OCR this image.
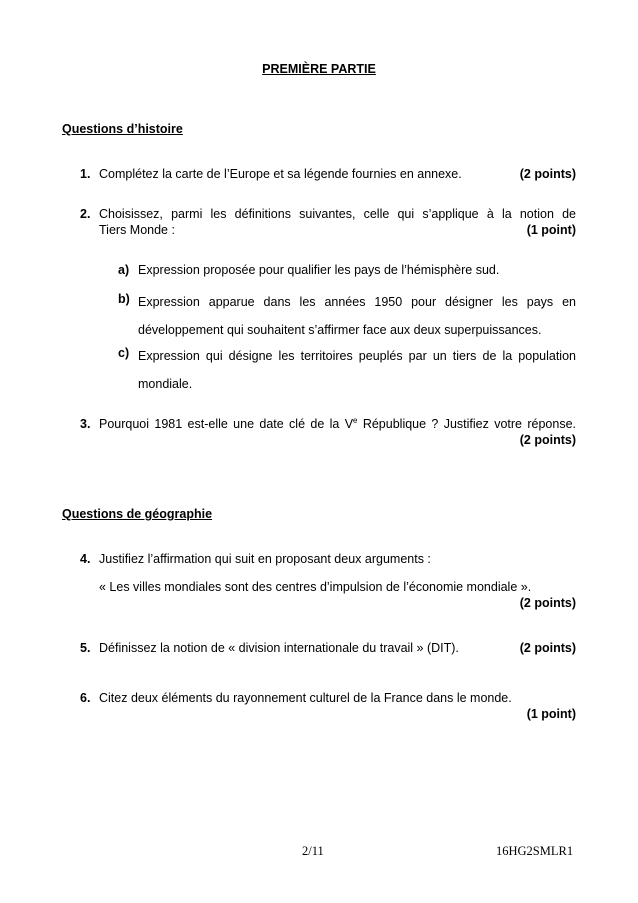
PREMIÈRE PARTIE
Questions d’histoire
1. Complétez la carte de l’Europe et sa légende fournies en annexe.	(2 points)
2. Choisissez, parmi les définitions suivantes, celle qui s’applique à la notion de
Tiers Monde :	(1 point)
a) Expression proposée pour qualifier les pays de l’hémisphère sud.
b) Expression apparue dans les années 1950 pour désigner les pays en développement qui souhaitent s’affirmer face aux deux superpuissances.
c) Expression qui désigne les territoires peuplés par un tiers de la population mondiale.
3. Pourquoi 1981 est-elle une date clé de la Ve République ? Justifiez votre réponse.
(2 points)
Questions de géographie
4. Justifiez l’affirmation qui suit en proposant deux arguments :
« Les villes mondiales sont des centres d’impulsion de l’économie mondiale ».
(2 points)
5. Définissez la notion de « division internationale du travail » (DIT).	(2 points)
6. Citez deux éléments du rayonnement culturel de la France dans le monde.
(1 point)
2/11	16HG2SMLR1
